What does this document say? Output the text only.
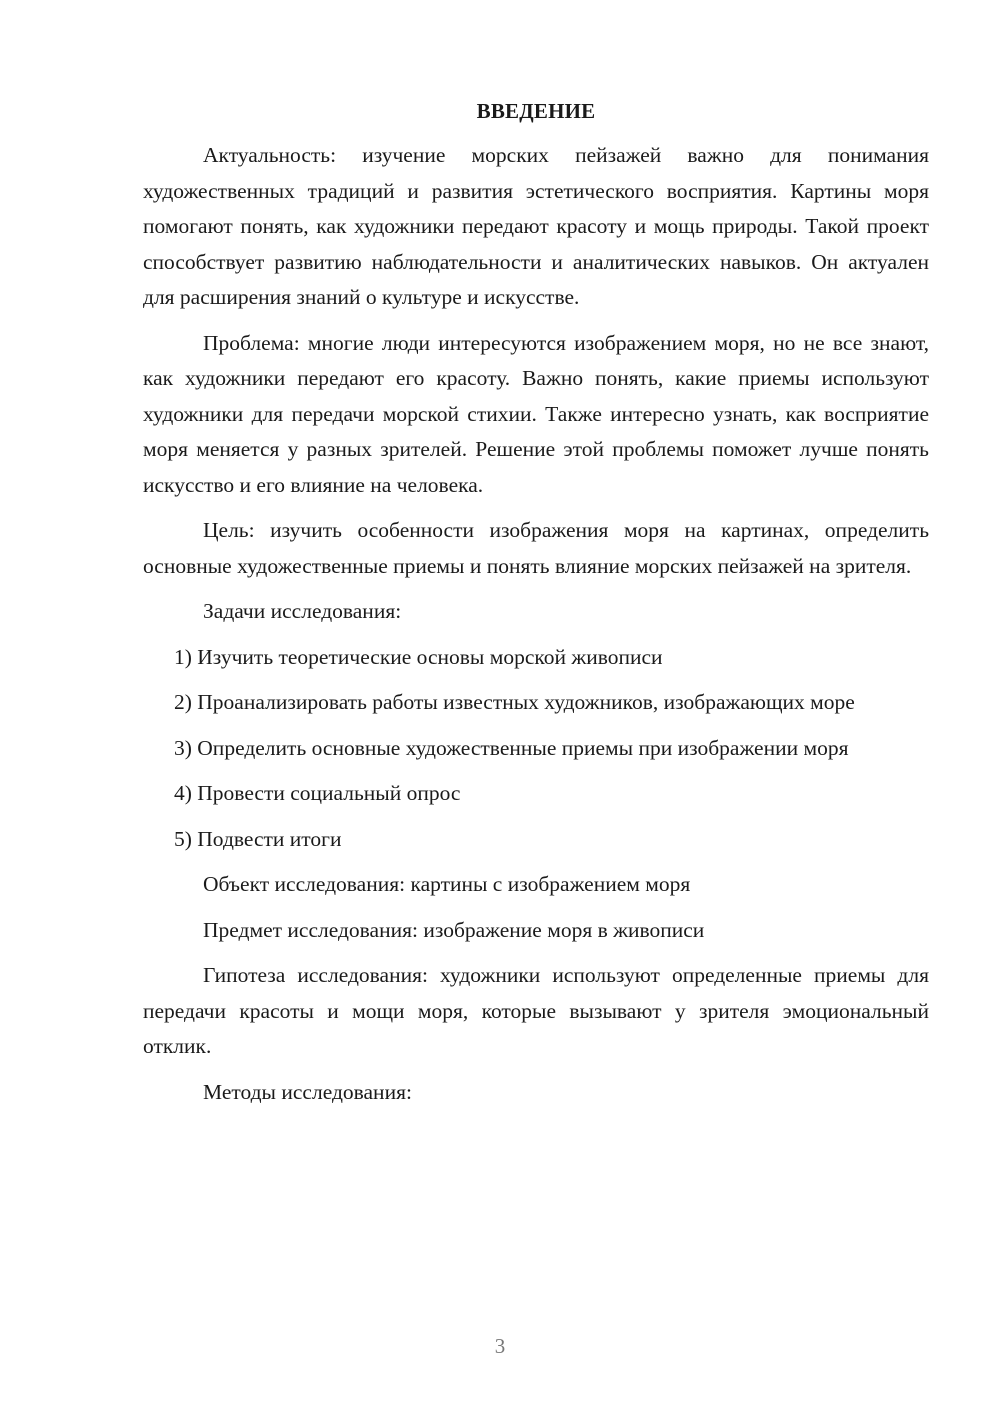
ВВЕДЕНИЕ

Актуальность: изучение морских пейзажей важно для понимания художественных традиций и развития эстетического восприятия. Картины моря помогают понять, как художники передают красоту и мощь природы. Такой проект способствует развитию наблюдательности и аналитических навыков. Он актуален для расширения знаний о культуре и искусстве.

Проблема: многие люди интересуются изображением моря, но не все знают, как художники передают его красоту. Важно понять, какие приемы используют художники для передачи морской стихии. Также интересно узнать, как восприятие моря меняется у разных зрителей. Решение этой проблемы поможет лучше понять искусство и его влияние на человека.

Цель: изучить особенности изображения моря на картинах, определить основные художественные приемы и понять влияние морских пейзажей на зрителя.

Задачи исследования:

1) Изучить теоретические основы морской живописи

2) Проанализировать работы известных художников, изображающих море

3) Определить основные художественные приемы при изображении моря

4) Провести социальный опрос

5) Подвести итоги

Объект исследования: картины с изображением моря

Предмет исследования: изображение моря в живописи

Гипотеза исследования: художники используют определенные приемы для передачи красоты и мощи моря, которые вызывают у зрителя эмоциональный отклик.

Методы исследования:

3
